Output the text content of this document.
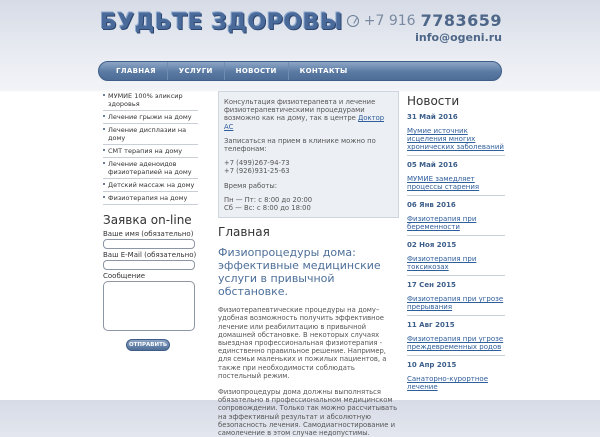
БУДЬТЕ ЗДОРОВЫ +7 916 7783659
info@ogeni.ru
ГЛАВНАЯ	УСЛУГИ	НОВОСТИ	КОНТАКТЫ
МУМИЕ 100% эликсир здоровья
Лечение грыжи на дому
Лечение дисплазии на дому
СМТ терапия на дому
Лечение аденоидов физиотерапией на дому
Детский массаж на дому
Физиотерапия на дому
Заявка on-line
Ваше имя (обязательно)
Ваш E-Mail (обязательно)
Сообщение
ОТПРАВИТЬ

Консультация физиотерапевта и лечение физиотерапевтическими процедурами возможно как на дому, так в центре Доктор АС

Записаться на прием в клинике можно по телефонам:

+7 (499)267-94-73
+7 (926)931-25-63

Время работы:

Пн — Пт: с 8:00 до 20:00
Сб — Вс: с 8:00 до 18:00

Главная
Физиопроцедуры дома: эффективные медицинские услуги в привычной обстановке.
Физиотерапевтические процедуры на дому– удобная возможность получить эффективное лечение или реабилитацию в привычной домашней обстановке. В некоторых случаях выездная профессиональная физиотерапия - единственно правильное решение. Например, для семьи маленьких и пожилых пациентов, а также при необходимости соблюдать постельный режим.
Физиопроцедуры дома должны выполняться обязательно в профессиональном медицинском сопровождении. Только так можно рассчитывать на эффективный результат и абсолютную безопасность лечения. Самодиагностирование и самолечение в этом случае недопустимы.
Новости
31 Май 2016
Мумие источник исцеления многих хронических заболеваний
05 Май 2016
МУМИЕ замедляет процессы старения
06 Янв 2016
Физиотерапия при беременности
02 Ноя 2015
Физиотерапия при токсикозах
17 Сен 2015
Физиотерапия при угрозе прерывания
11 Авг 2015
Физиотерапия при угрозе преждевременных родов
10 Апр 2015
Санаторно-курортное лечение
